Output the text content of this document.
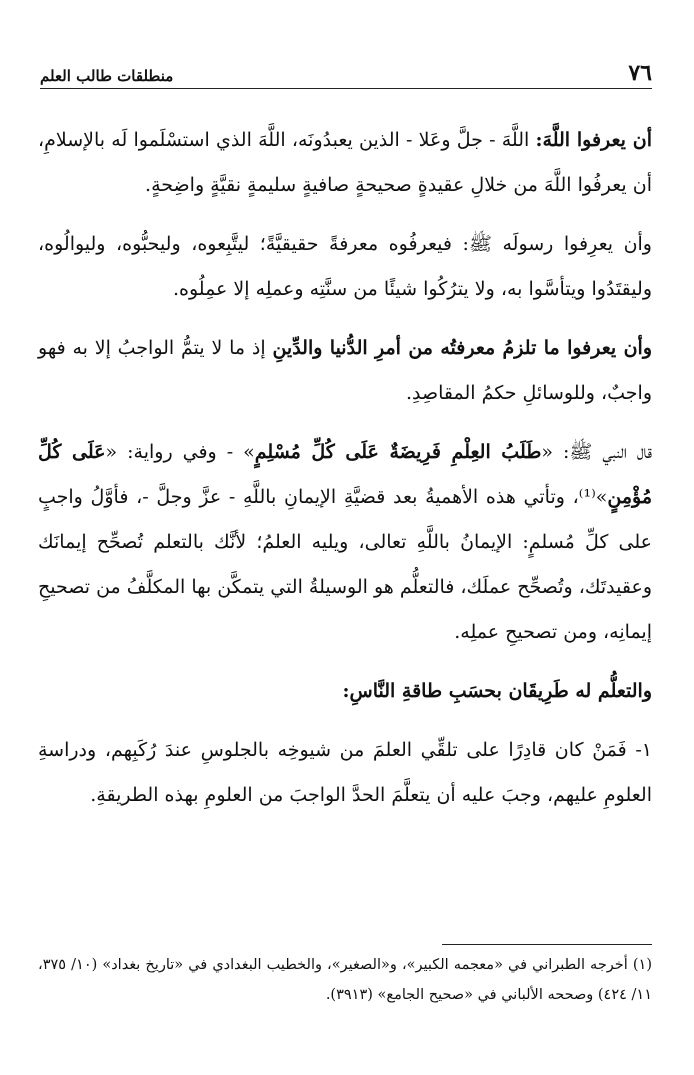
٧٦
منطلقات طالب العلم

أن يعرفوا اللَّهَ: اللَّهَ - جلَّ وعَلا - الذين يعبدُونَه، اللَّهَ الذي استسْلَموا لَه بالإسلامِ، أن يعرفُوا اللَّهَ من خلالِ عقيدةٍ صحيحةٍ صافيةٍ سليمةٍ نقيَّةٍ واضِحةٍ.

وأن يعرِفوا رسولَه ﷺ: فيعرفُوه معرفةً حقيقيَّةً؛ ليتَّبِعوه، وليحبُّوه، وليوالُوه، وليقتَدُوا ويتأسَّوا به، ولا يترُكُوا شيئًا من سنَّتِه وعملِه إلا عمِلُوه.

وأن يعرفوا ما تلزمُ معرفتُه من أمرِ الدُّنيا والدِّينِ إذ ما لا يتمُّ الواجبُ إلا به فهو واجبٌ، وللوسائلِ حكمُ المقاصِدِ.

قال النبي ﷺ: «طَلَبُ العِلْمِ فَرِيضَةٌ عَلَى كُلِّ مُسْلِمٍ» - وفي رواية: «عَلَى كُلِّ مُؤْمِنٍ»⁽¹⁾، وتأتي هذه الأهميةُ بعد قضيَّةِ الإيمانِ باللَّهِ - عزَّ وجلَّ -، فأوَّلُ واجبٍ على كلِّ مُسلمٍ: الإيمانُ باللَّهِ تعالى، ويليه العلمُ؛ لأنَّك بالتعلم تُصحِّح إيمانَك وعقيدتَك، وتُصحِّح عملَك، فالتعلُّم هو الوسيلةُ التي يتمكَّن بها المكلَّفُ من تصحيحِ إيمانِه، ومن تصحيحِ عملِه.

والتعلُّم له طَرِيقَان بحسَبِ طاقةِ النَّاسِ:

١- فَمَنْ كان قادِرًا على تلقِّي العلمَ من شيوخِه بالجلوسِ عندَ رُكَبِهم، ودراسةِ العلومِ عليهم، وجبَ عليه أن يتعلَّمَ الحدَّ الواجبَ من العلومِ بهذه الطريقةِ.

(١) أخرجه الطبراني في «معجمه الكبير»، و«الصغير»، والخطيب البغدادي في «تاريخ بغداد» (١٠/ ٣٧٥، ١١/ ٤٢٤) وصححه الألباني في «صحيح الجامع» (٣٩١٣).
